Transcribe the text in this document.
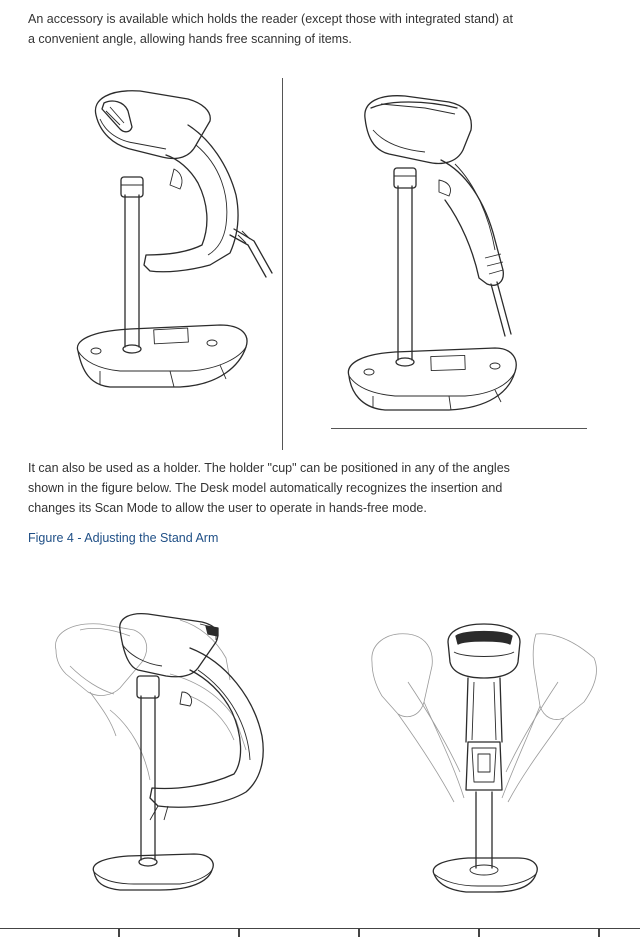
An accessory is available which holds the reader (except those with integrated stand) at
a convenient angle, allowing hands free scanning of items.

It can also be used as a holder. The holder "cup" can be positioned in any of the angles
shown in the figure below. The Desk model automatically recognizes the insertion and
changes its Scan Mode to allow the user to operate in hands-free mode.

Figure 4 - Adjusting the Stand Arm
